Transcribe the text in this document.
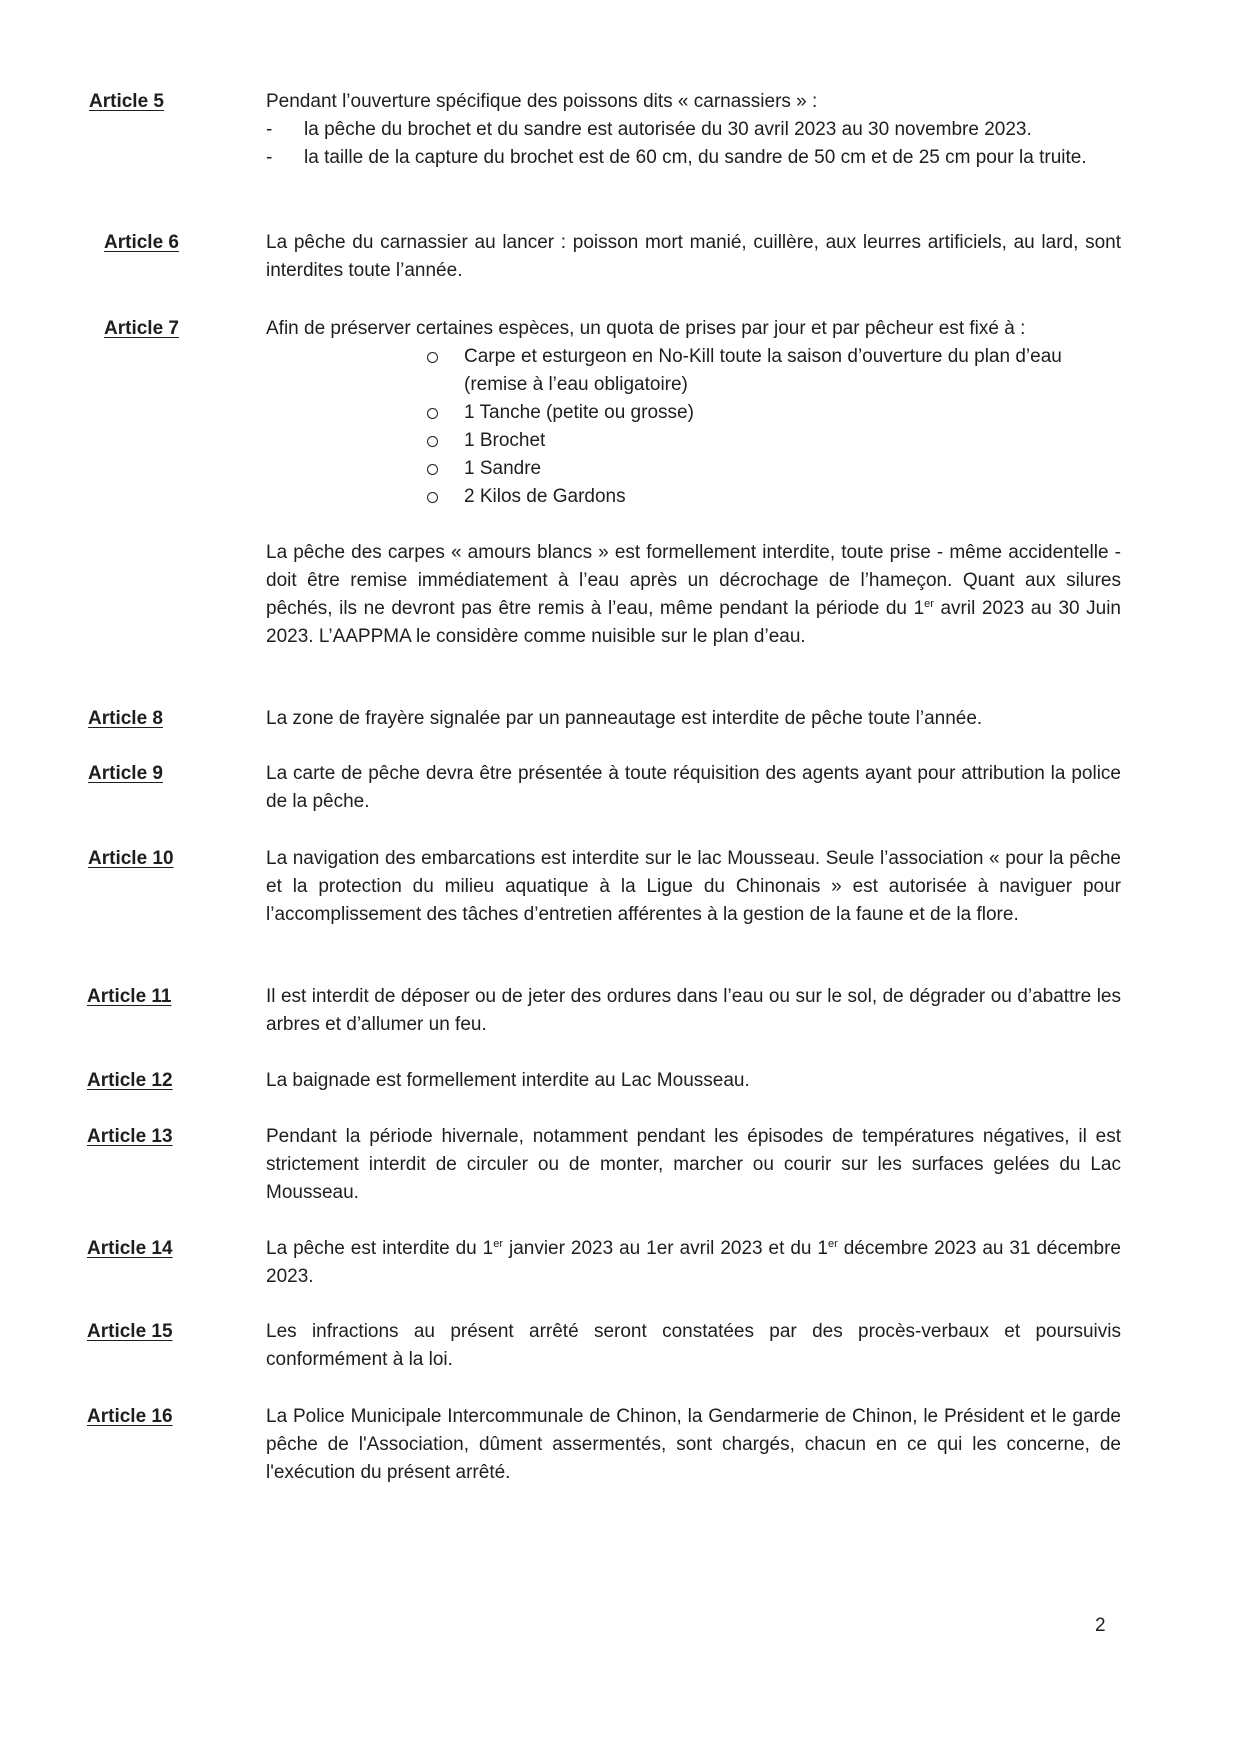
Article 5	Pendant l’ouverture spécifique des poissons dits « carnassiers » :

- la pêche du brochet et du sandre est autorisée du 30 avril 2023 au 30 novembre 2023.
- la taille de la capture du brochet est de 60 cm, du sandre de 50 cm et de 25 cm pour la truite.
Article 6	La pêche du carnassier au lancer : poisson mort manié, cuillère, aux leurres artificiels, au lard, sont interdites toute l’année.

Article 7	Afin de préserver certaines espèces, un quota de prises par jour et par pêcheur est fixé à :

Carpe et esturgeon en No-Kill toute la saison d’ouverture du plan d’eau (remise à l’eau obligatoire)
1 Tanche (petite ou grosse)
1 Brochet
1 Sandre
2 Kilos de Gardons

La pêche des carpes « amours blancs » est formellement interdite, toute prise - même accidentelle - doit être remise immédiatement à l’eau après un décrochage de l’hameçon. Quant aux silures pêchés, ils ne devront pas être remis à l’eau, même pendant la période du 1er avril 2023 au 30 Juin 2023. L’AAPPMA le considère comme nuisible sur le plan d’eau.

Article 8	La zone de frayère signalée par un panneautage est interdite de pêche toute l’année.

Article 9	La carte de pêche devra être présentée à toute réquisition des agents ayant pour attribution la police de la pêche.

Article 10	La navigation des embarcations est interdite sur le lac Mousseau. Seule l’association « pour la pêche et la protection du milieu aquatique à la Ligue du Chinonais » est autorisée à naviguer pour l’accomplissement des tâches d’entretien afférentes à la gestion de la faune et de la flore.

Article 11	Il est interdit de déposer ou de jeter des ordures dans l’eau ou sur le sol, de dégrader ou d’abattre les arbres et d’allumer un feu.

Article 12	La baignade est formellement interdite au Lac Mousseau.

Article 13	Pendant la période hivernale, notamment pendant les épisodes de températures négatives, il est strictement interdit de circuler ou de monter, marcher ou courir sur les surfaces gelées du Lac Mousseau.

Article 14	La pêche est interdite du 1er janvier 2023 au 1er avril 2023 et du 1er décembre 2023 au 31 décembre 2023.

Article 15	Les infractions au présent arrêté seront constatées par des procès-verbaux et poursuivis conformément à la loi.

Article 16	La Police Municipale Intercommunale de Chinon, la Gendarmerie de Chinon, le Président et le garde pêche de l'Association, dûment assermentés, sont chargés, chacun en ce qui les concerne, de l'exécution du présent arrêté.

2
